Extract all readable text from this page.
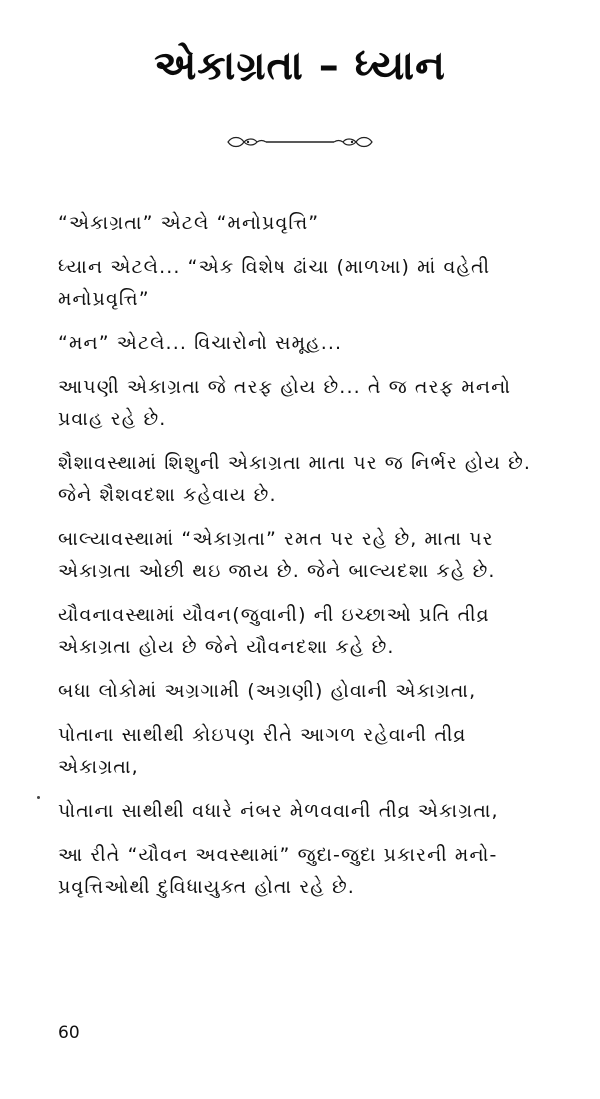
એકાગ્રતા – ધ્યાન

“એકાગ્રતા” એટલે “મનોપ્રવૃત્તિ”

ધ્યાન એટલે... “એક વિશેષ ઢાંચા (માળખા) માં વહેતી મનોપ્રવૃત્તિ”

“મન” એટલે... વિચારોનો સમૂહ...

આપણી એકાગ્રતા જે તરફ હોય છે... તે જ તરફ મનનો પ્રવાહ રહે છે.

શૈશાવસ્થામાં શિશુની એકાગ્રતા માતા પર જ નિર્ભર હોય છે. જેને શૈશવદશા કહેવાય છે.

બાલ્યાવસ્થામાં “એકાગ્રતા” રમત પર રહે છે, માતા પર એકાગ્રતા ઓછી થઇ જાય છે. જેને બાલ્યદશા કહે છે.

યૌવનાવસ્થામાં યૌવન(જુવાની) ની ઇચ્છાઓ પ્રતિ તીવ્ર એકાગ્રતા હોય છે જેને યૌવનદશા કહે છે.

બધા લોકોમાં અગ્રગામી (અગ્રણી) હોવાની એકાગ્રતા,

પોતાના સાથીથી કોઇપણ રીતે આગળ રહેવાની તીવ્ર એકાગ્રતા,

પોતાના સાથીથી વધારે નંબર મેળવવાની તીવ્ર એકાગ્રતા,

આ રીતે “યૌવન અવસ્થામાં” જુદા-જુદા પ્રકારની મનો-પ્રવૃત્તિઓથી દુવિધાયુક્ત હોતા રહે છે.

60
